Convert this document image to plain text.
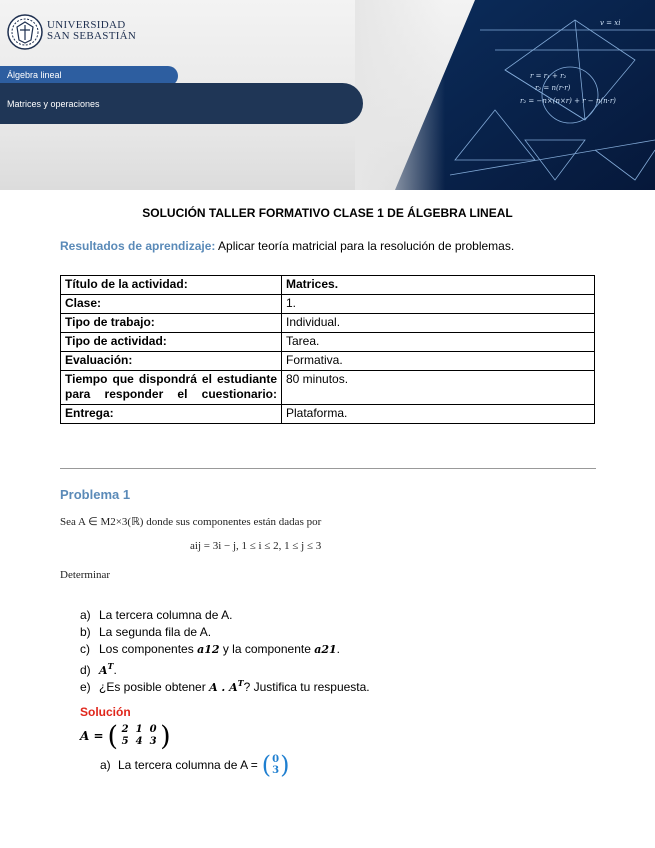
UNIVERSIDAD
SAN SEBASTIÁN
Álgebra lineal
Matrices y operaciones
SOLUCIÓN TALLER FORMATIVO CLASE 1 DE ÁLGEBRA LINEAL
Resultados de aprendizaje: Aplicar teoría matricial para la resolución de problemas.
Título de la actividad:	Matrices.
Clase:	1.
Tipo de trabajo:	Individual.
Tipo de actividad:	Tarea.
Evaluación:	Formativa.
Tiempo que dispondrá el estudiante para responder el cuestionario:	80 minutos.
Entrega:	Plataforma.
Problema 1
Sea A ∈ M2×3(ℝ) donde sus componentes están dadas por
aij = 3i − j, 1 ≤ i ≤ 2, 1 ≤ j ≤ 3
Determinar
a) La tercera columna de A.
b) La segunda fila de A.
c) Los componentes a12 y la componente a21.
d) $A^T$.
e) ¿Es posible obtener A . $A^T$? Justifica tu respuesta.
Solución
A = ( 2 1 0
5 4 3 )
a) La tercera columna de A = ( 0
3 )
